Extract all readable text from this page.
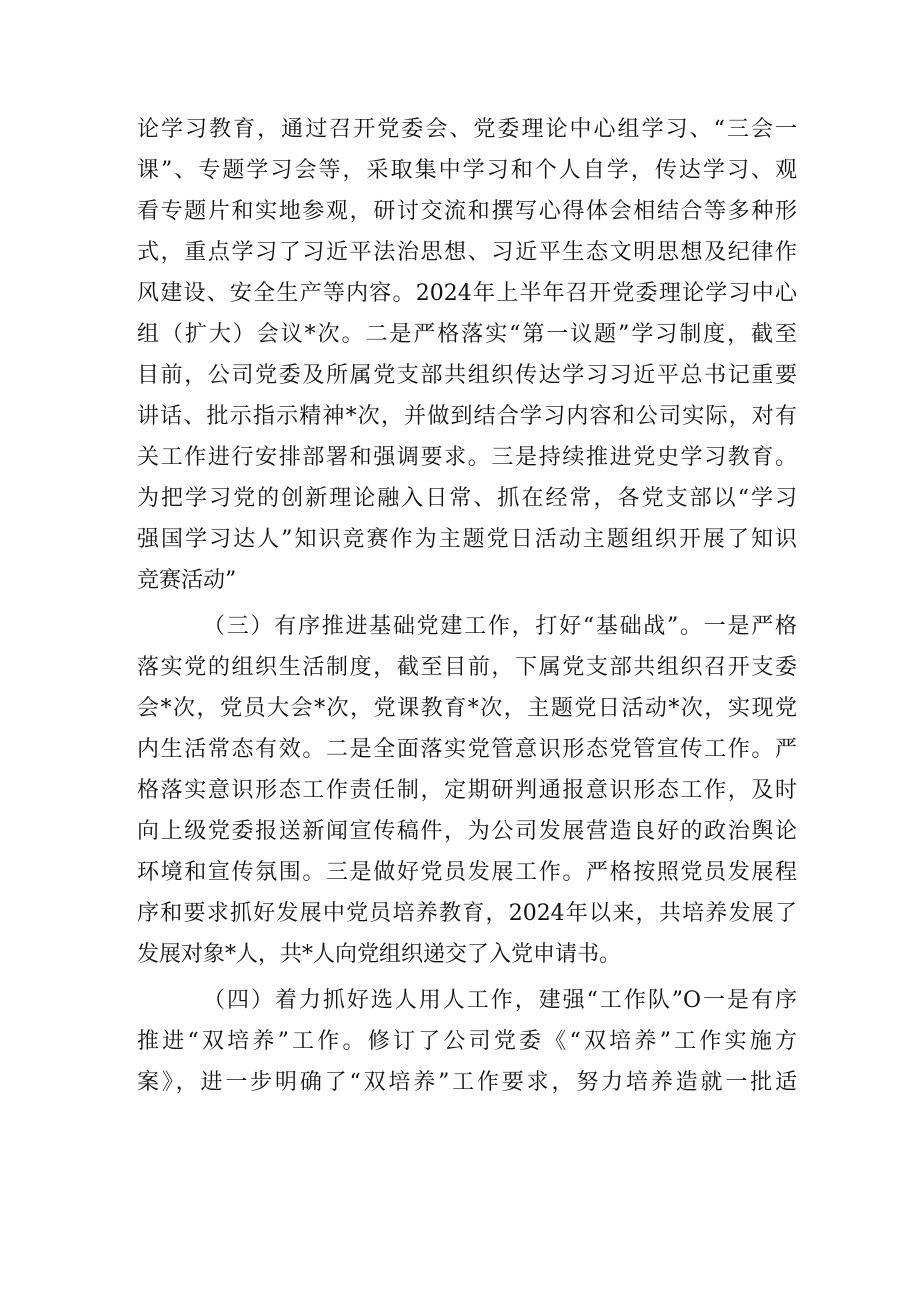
论学习教育，通过召开党委会、党委理论中心组学习、“三会一
课”、专题学习会等，采取集中学习和个人自学，传达学习、观
看专题片和实地参观，研讨交流和撰写心得体会相结合等多种形
式，重点学习了习近平法治思想、习近平生态文明思想及纪律作
风建设、安全生产等内容。2024年上半年召开党委理论学习中心
组（扩大）会议*次。二是严格落实“第一议题”学习制度，截至
目前，公司党委及所属党支部共组织传达学习习近平总书记重要
讲话、批示指示精神*次，并做到结合学习内容和公司实际，对有
关工作进行安排部署和强调要求。三是持续推进党史学习教育。
为把学习党的创新理论融入日常、抓在经常，各党支部以“学习
强国学习达人”知识竞赛作为主题党日活动主题组织开展了知识
竞赛活动”
（三）有序推进基础党建工作，打好“基础战”。一是严格
落实党的组织生活制度，截至目前，下属党支部共组织召开支委
会*次，党员大会*次，党课教育*次，主题党日活动*次，实现党
内生活常态有效。二是全面落实党管意识形态党管宣传工作。严
格落实意识形态工作责任制，定期研判通报意识形态工作，及时
向上级党委报送新闻宣传稿件，为公司发展营造良好的政治舆论
环境和宣传氛围。三是做好党员发展工作。严格按照党员发展程
序和要求抓好发展中党员培养教育，2024年以来，共培养发展了
发展对象*人，共*人向党组织递交了入党申请书。
（四）着力抓好选人用人工作，建强“工作队”O一是有序
推进“双培养”工作。修订了公司党委《“双培养”工作实施方
案》，进一步明确了“双培养”工作要求，努力培养造就一批适
